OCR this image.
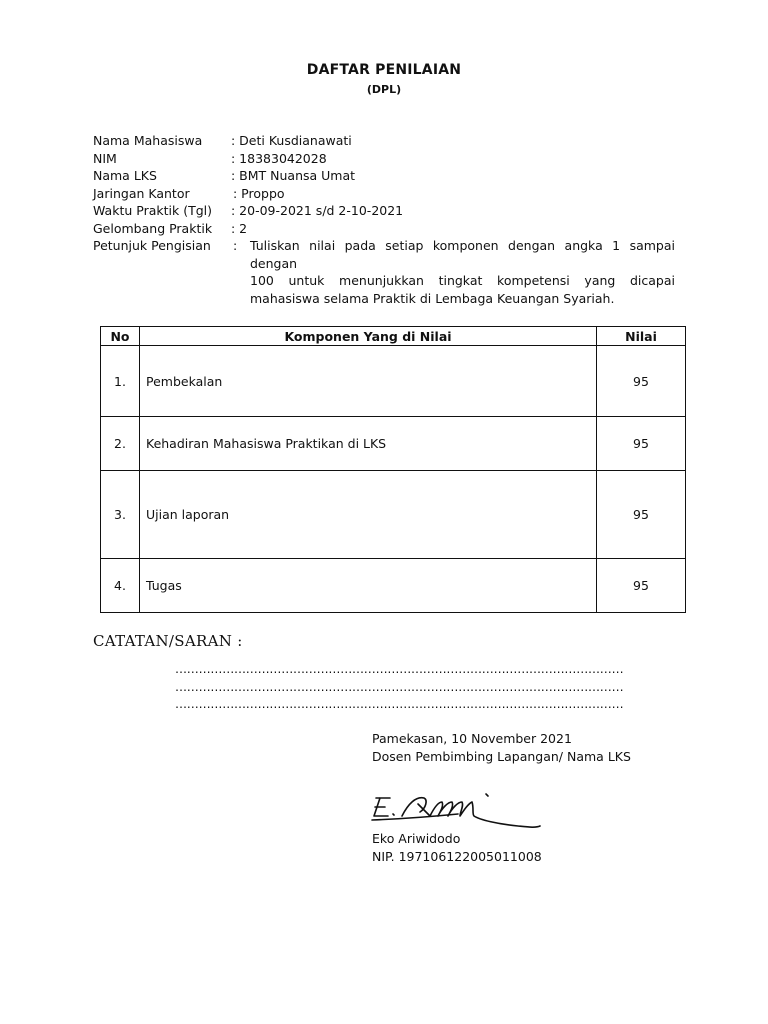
DAFTAR PENILAIAN
(DPL)
Nama Mahasiswa : Deti Kusdianawati
NIM	: 18383042028
Nama LKS	: BMT Nuansa Umat
Jaringan Kantor	: Proppo
Waktu Praktik (Tgl) : 20-09-2021 s/d 2-10-2021
Gelombang Praktik : 2
Petunjuk Pengisian : Tuliskan nilai pada setiap komponen dengan angka 1 sampai dengan
100 untuk menunjukkan tingkat kompetensi yang dicapai
mahasiswa selama Praktik di Lembaga Keuangan Syariah.
No	Komponen Yang di Nilai	Nilai
1.	Pembekalan	95
2.	Kehadiran Mahasiswa Praktikan di LKS	95
3.	Ujian laporan	95
4.	Tugas	95
CATATAN/SARAN :
……………………………………………………………………………………………………
……………………………………………………………………………………………………
……………………………………………………………………………………………………
Pamekasan, 10 November 2021
Dosen Pembimbing Lapangan/ Nama LKS
Eko Ariwidodo
NIP. 197106122005011008
